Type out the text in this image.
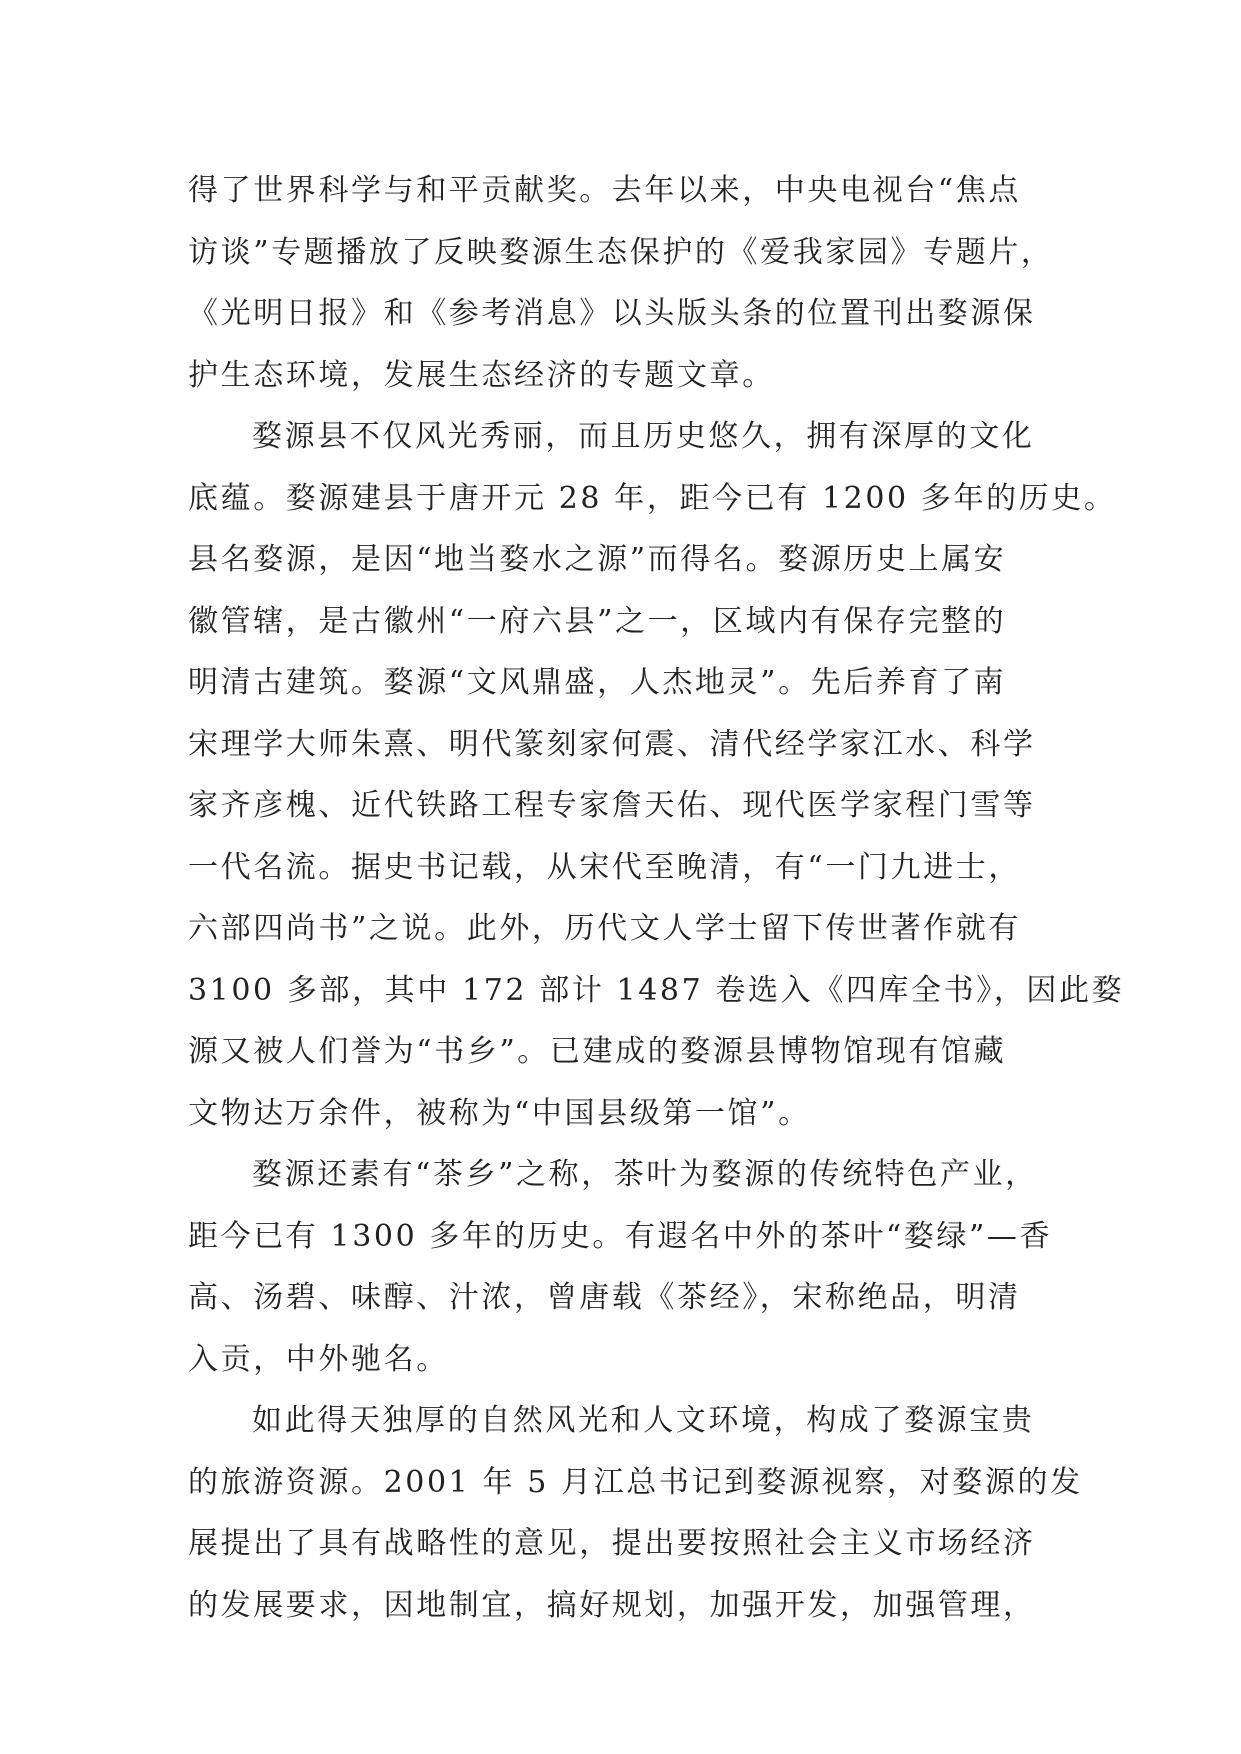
得了世界科学与和平贡献奖。去年以来，中央电视台“焦点
访谈”专题播放了反映婺源生态保护的《爱我家园》专题片，
《光明日报》和《参考消息》以头版头条的位置刊出婺源保
护生态环境，发展生态经济的专题文章。
婺源县不仅风光秀丽，而且历史悠久，拥有深厚的文化
底蕴。婺源建县于唐开元 28 年，距今已有 1200 多年的历史。
县名婺源，是因“地当婺水之源”而得名。婺源历史上属安
徽管辖，是古徽州“一府六县”之一，区域内有保存完整的
明清古建筑。婺源“文风鼎盛，人杰地灵”。先后养育了南
宋理学大师朱熹、明代篆刻家何震、清代经学家江水、科学
家齐彦槐、近代铁路工程专家詹天佑、现代医学家程门雪等
一代名流。据史书记载，从宋代至晚清，有“一门九进士，
六部四尚书”之说。此外，历代文人学士留下传世著作就有
3100 多部，其中 172 部计 1487 卷选入《四库全书》，因此婺
源又被人们誉为“书乡”。已建成的婺源县博物馆现有馆藏
文物达万余件，被称为“中国县级第一馆”。
婺源还素有“茶乡”之称，茶叶为婺源的传统特色产业，
距今已有 1300 多年的历史。有遐名中外的茶叶“婺绿”—香
高、汤碧、味醇、汁浓，曾唐载《茶经》，宋称绝品，明清
入贡，中外驰名。
如此得天独厚的自然风光和人文环境，构成了婺源宝贵
的旅游资源。2001 年 5 月江总书记到婺源视察，对婺源的发
展提出了具有战略性的意见，提出要按照社会主义市场经济
的发展要求，因地制宜，搞好规划，加强开发，加强管理，
